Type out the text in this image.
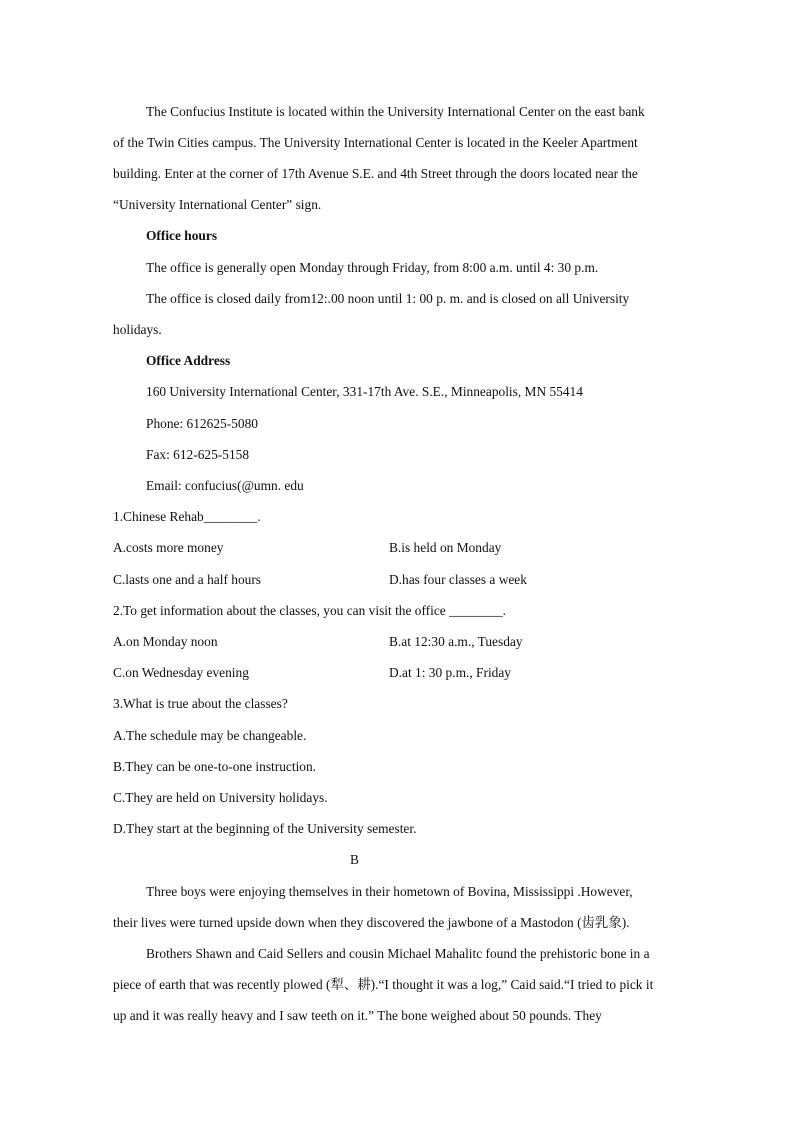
The Confucius Institute is located within the University International Center on the east bank
of the Twin Cities campus. The University International Center is located in the Keeler Apartment
building. Enter at the corner of 17th Avenue S.E. and 4th Street through the doors located near the
“University International Center” sign.
Office hours
The office is generally open Monday through Friday, from 8:00 a.m. until 4: 30 p.m.
The office is closed daily from12:.00 noon until 1: 00 p. m. and is closed on all University
holidays.
Office Address
160 University International Center, 331-17th Ave. S.E., Minneapolis, MN 55414
Phone: 612625-5080
Fax: 612-625-5158
Email: confucius(@umn. edu
1.Chinese Rehab________.
A.costs more money	B.is held on Monday
C.lasts one and a half hours	D.has four classes a week
2.To get information about the classes, you can visit the office ________.
A.on Monday noon	B.at 12:30 a.m., Tuesday
C.on Wednesday evening	D.at 1: 30 p.m., Friday
3.What is true about the classes?
A.The schedule may be changeable.
B.They can be one-to-one instruction.
C.They are held on University holidays.
D.They start at the beginning of the University semester.
B
Three boys were enjoying themselves in their hometown of Bovina, Mississippi .However,
their lives were turned upside down when they discovered the jawbone of a Mastodon (齿乳象).
Brothers Shawn and Caid Sellers and cousin Michael Mahalitc found the prehistoric bone in a
piece of earth that was recently plowed (犁、耕).“I thought it was a log,” Caid said.“I tried to pick it
up and it was really heavy and I saw teeth on it.” The bone weighed about 50 pounds. They
